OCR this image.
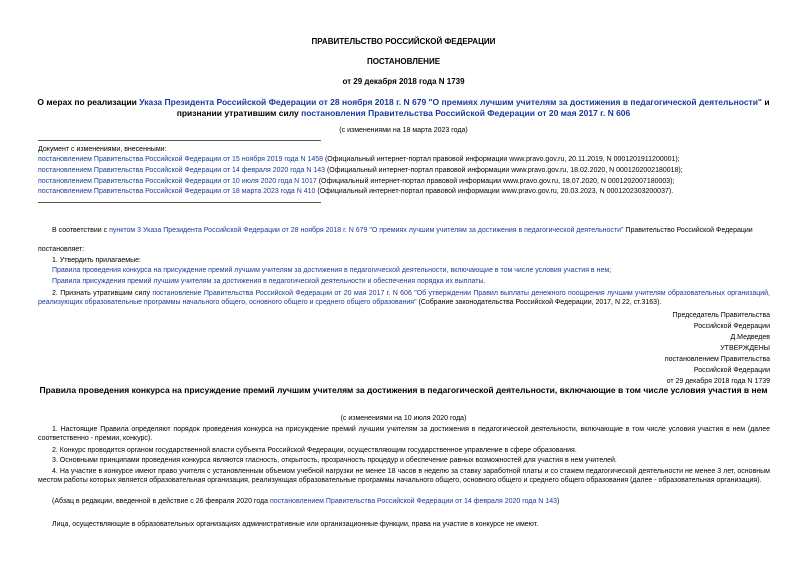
ПРАВИТЕЛЬСТВО РОССИЙСКОЙ ФЕДЕРАЦИИ
ПОСТАНОВЛЕНИЕ
от 29 декабря 2018 года N 1739
О мерах по реализации Указа Президента Российской Федерации от 28 ноября 2018 г. N 679 "О премиях лучшим учителям за достижения в педагогической деятельности" и признании утратившим силу постановления Правительства Российской Федерации от 20 мая 2017 г. N 606
(с изменениями на 18 марта 2023 года)
Документ с изменениями, внесенными:
постановлением Правительства Российской Федерации от 15 ноября 2019 года N 1458 (Официальный интернет-портал правовой информации www.pravo.gov.ru, 20.11.2019, N 0001201911200001);
постановлением Правительства Российской Федерации от 14 февраля 2020 года N 143 (Официальный интернет-портал правовой информации www.pravo.gov.ru, 18.02.2020, N 0001202002180018);
постановлением Правительства Российской Федерации от 10 июля 2020 года N 1017 (Официальный интернет-портал правовой информации www.pravo.gov.ru, 18.07.2020, N 0001202007180003);
постановлением Правительства Российской Федерации от 18 марта 2023 года N 410 (Официальный интернет-портал правовой информации www.pravo.gov.ru, 20.03.2023, N 0001202303200037).
В соответствии с пунктом 3 Указа Президента Российской Федерации от 28 ноября 2018 г. N 679 "О премиях лучшим учителям за достижения в педагогической деятельности" Правительство Российской Федерации
постановляет:
1. Утвердить прилагаемые:
Правила проведения конкурса на присуждение премий лучшим учителям за достижения в педагогической деятельности, включающие в том числе условия участия в нем;
Правила присуждения премий лучшим учителям за достижения в педагогической деятельности и обеспечения порядка их выплаты.
2. Признать утратившим силу постановление Правительства Российской Федерации от 20 мая 2017 г. N 606 "Об утверждении Правил выплаты денежного поощрения лучшим учителям образовательных организаций, реализующих образовательные программы начального общего, основного общего и среднего общего образования" (Собрание законодательства Российской Федерации, 2017, N 22, ст.3163).
Председатель Правительства
Российской Федерации
Д.Медведев
УТВЕРЖДЕНЫ
постановлением Правительства
Российской Федерации
от 29 декабря 2018 года N 1739
Правила проведения конкурса на присуждение премий лучшим учителям за достижения в педагогической деятельности, включающие в том числе условия участия в нем
(с изменениями на 10 июля 2020 года)
1. Настоящие Правила определяют порядок проведения конкурса на присуждение премий лучшим учителям за достижения в педагогической деятельности, включающие в том числе условия участия в нем (далее соответственно - премии, конкурс).
2. Конкурс проводится органом государственной власти субъекта Российской Федерации, осуществляющим государственное управление в сфере образования.
3. Основными принципами проведения конкурса являются гласность, открытость, прозрачность процедур и обеспечение равных возможностей для участия в нем учителей.
4. На участие в конкурсе имеют право учителя с установленным объемом учебной нагрузки не менее 18 часов в неделю за ставку заработной платы и со стажем педагогической деятельности не менее 3 лет, основным местом работы которых является образовательная организация, реализующая образовательные программы начального общего, основного общего и среднего общего образования (далее - образовательная организация).
(Абзац в редакции, введенной в действие с 26 февраля 2020 года постановлением Правительства Российской Федерации от 14 февраля 2020 года N 143)
Лица, осуществляющие в образовательных организациях административные или организационные функции, права на участие в конкурсе не имеют.
